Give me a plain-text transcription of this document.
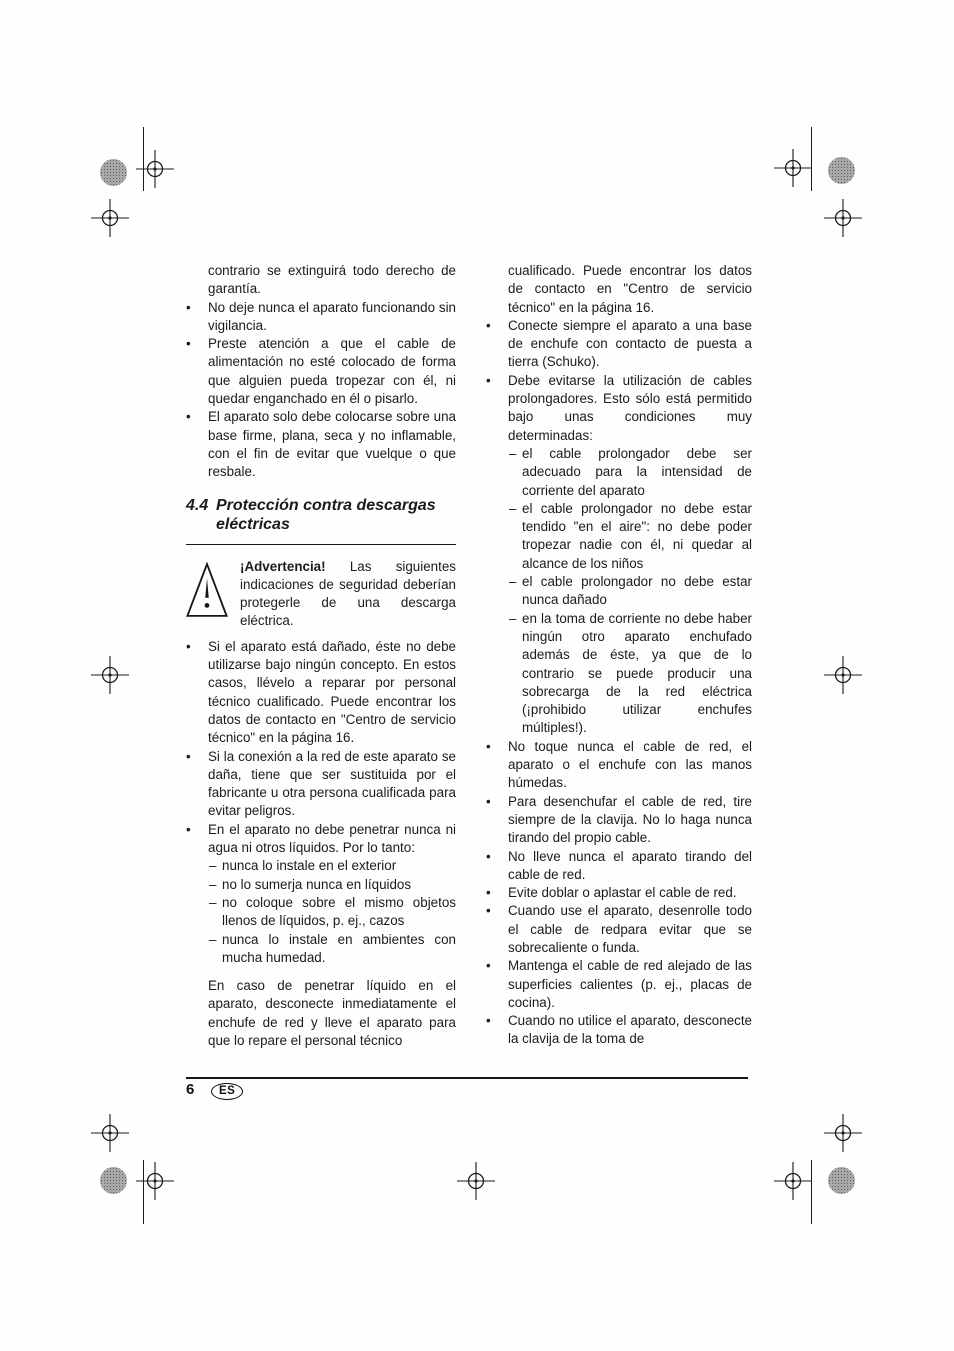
contrario se extinguirá todo derecho de garantía.

•	No deje nunca el aparato funcionando sin vigilancia.
•	Preste atención a que el cable de alimentación no esté colocado de forma que alguien pueda tropezar con él, ni quedar enganchado en él o pisarlo.
•	El aparato solo debe colocarse sobre una base firme, plana, seca y no inflamable, con el fin de evitar que vuelque o que resbale.
4.4 Protección contra descargas eléctricas

¡Advertencia! Las siguientes indicaciones de seguridad deberían protegerle de una descarga eléctrica.

•	Si el aparato está dañado, éste no debe utilizarse bajo ningún concepto. En estos casos, llévelo a reparar por personal técnico cualificado. Puede encontrar los datos de contacto en "Centro de servicio técnico" en la página 16.
•	Si la conexión a la red de este aparato se daña, tiene que ser sustituida por el fabricante u otra persona cualificada para evitar peligros.
•	En el aparato no debe penetrar nunca ni agua ni otros líquidos. Por lo tanto:
– nunca lo instale en el exterior
– no lo sumerja nunca en líquidos
– no coloque sobre el mismo objetos llenos de líquidos, p. ej., cazos
– nunca lo instale en ambientes con mucha humedad.

En caso de penetrar líquido en el aparato, desconecte inmediatamente el enchufe de red y lleve el aparato para que lo repare el personal técnico

cualificado. Puede encontrar los datos de contacto en "Centro de servicio técnico" en la página 16.

•	Conecte siempre el aparato a una base de enchufe con contacto de puesta a tierra (Schuko).
•	Debe evitarse la utilización de cables prolongadores. Esto sólo está permitido bajo unas condiciones muy determinadas:
– el cable prolongador debe ser adecuado para la intensidad de corriente del aparato
– el cable prolongador no debe estar tendido "en el aire": no debe poder tropezar nadie con él, ni quedar al alcance de los niños
– el cable prolongador no debe estar nunca dañado
– en la toma de corriente no debe haber ningún otro aparato enchufado además de éste, ya que de lo contrario se puede producir una sobrecarga de la red eléctrica (¡prohibido utilizar enchufes múltiples!).
•	No toque nunca el cable de red, el aparato o el enchufe con las manos húmedas.
•	Para desenchufar el cable de red, tire siempre de la clavija. No lo haga nunca tirando del propio cable.
•	No lleve nunca el aparato tirando del cable de red.
•	Evite doblar o aplastar el cable de red.
•	Cuando use el aparato, desenrolle todo el cable de redpara evitar que se sobrecaliente o funda.
•	Mantenga el cable de red alejado de las superficies calientes (p. ej., placas de cocina).
•	Cuando no utilice el aparato, desconecte la clavija de la toma de
6	ES
